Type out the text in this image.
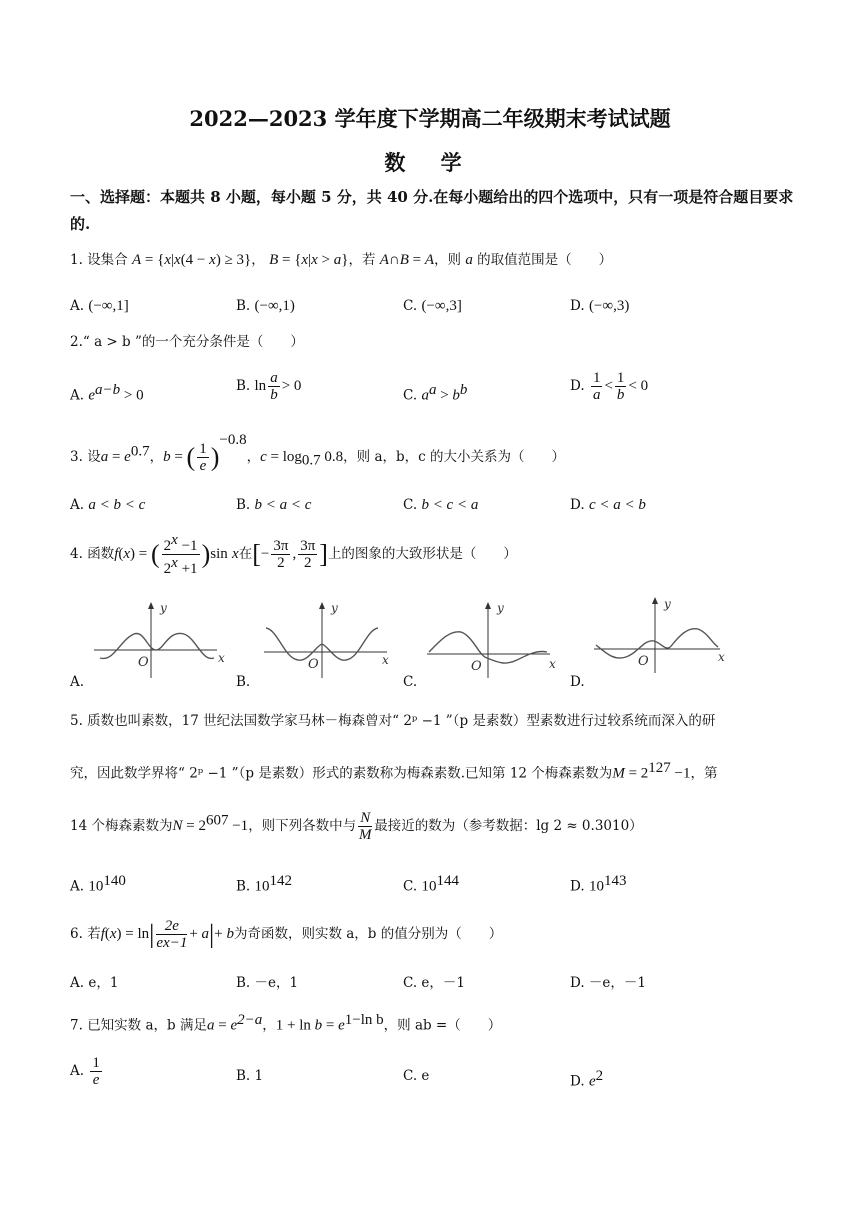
2022—2023 学年度下学期高二年级期末考试试题
数 学
一、选择题：本题共 8 小题，每小题 5 分，共 40 分.在每小题给出的四个选项中，只有一项是符合题目要求的.
1. 设集合 A = {x|x(4 − x) ≥ 3}， B = {x|x > a}，若 A∩B = A，则 a 的取值范围是（　　）
A. (−∞,1]	B. (−∞,1)	C. (−∞,3]	D. (−∞,3)
2.“ a > b ”的一个充分条件是（　　）
A. $e^{a-b} > 0$
B. $\ln \frac{a}{b} > 0$
C. $a^a > b^b$	D. $\frac{1}{a} < \frac{1}{b} < 0$
3. 设$a = e^{0.7}$，b = ( $\frac{1}{e} )^{-0.8}$，$c = \log_{0.7} 0.8$，则 a，b，c 的大小关系为（　　）
A. a < b < c	B. b < a < c	C. b < c < a	D. c < a < b
4. 函数f(x) = ( $\frac{2^x -1}{2^x +1} )\sin$ x在[− $\frac{3\pi}{2}$ , $\frac{3\pi}{2}$ ]上的图象的大致形状是（　　）
y
O	x
y
O	x
y
O	x
y
O	x
A.	B.	C.	D.
5. 质数也叫素数，17 世纪法国数学家马林－梅森曾对“ 2ᵖ −1 ”（p 是素数）型素数进行过较系统而深入的研
究，因此数学界将“ 2ᵖ −1 ”（p 是素数）形式的素数称为梅森素数.已知第 12 个梅森素数为$M = 2^{127} -1$，第
14 个梅森素数为$N = 2^{607} -1$，则下列各数中与 $\frac{N}{M}$ 最接近的数为（参考数据：lg 2 ≈ 0.3010）
A. $10^{140}$	B. $10^{142}$	C. $10^{144}$	D. $10^{143}$
6. 若$f(x) = \ln| \frac{2e}{ex-1} + a|+ b$为奇函数，则实数 a，b 的值分别为（　　）
A. e，1	B. －e，1	C. e，－1	D. －e，－1
7. 已知实数 a，b 满足$a = e^{2-a}$，$1 + \ln b = e^{1-ln b}$，则 ab =（　　）
A. $\frac{1}{e}$	B. 1	C. e	D. $e^2$
